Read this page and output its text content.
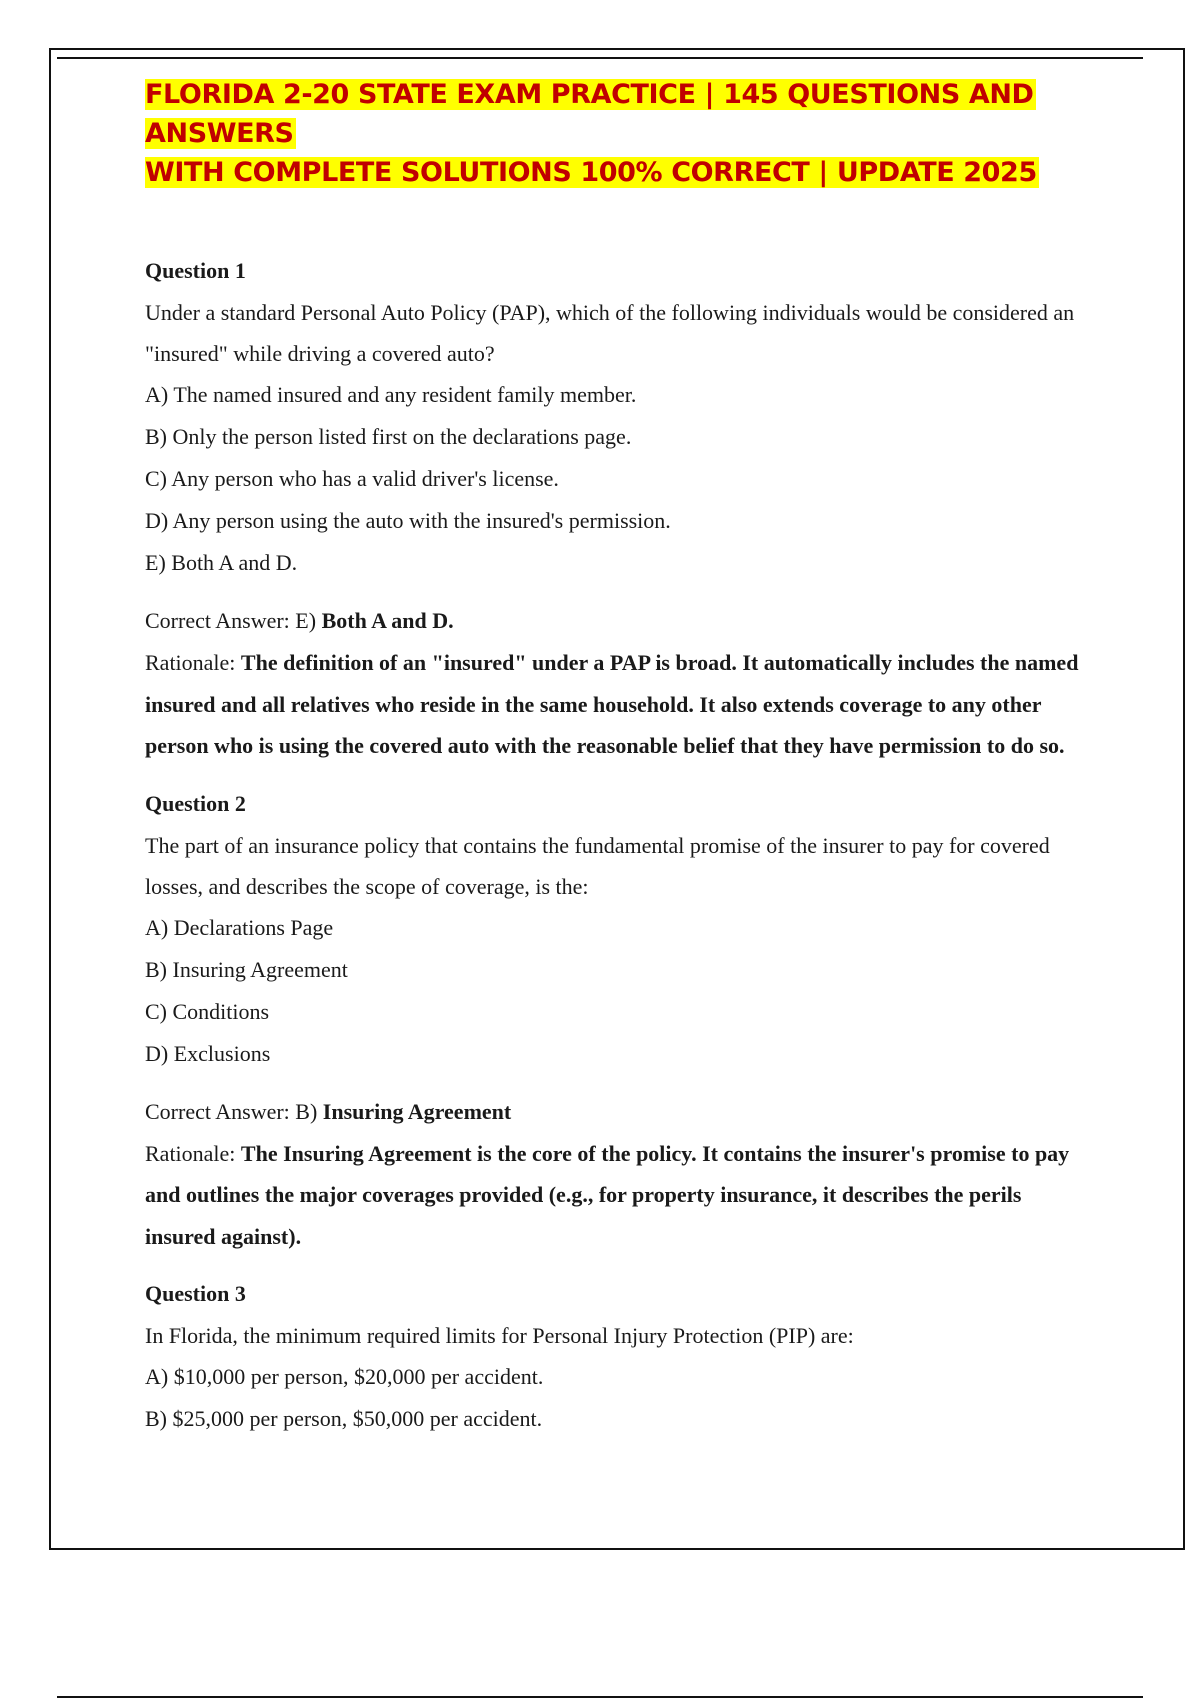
FLORIDA 2-20 STATE EXAM PRACTICE | 145 QUESTIONS AND ANSWERS
WITH COMPLETE SOLUTIONS 100% CORRECT | UPDATE 2025

Question 1

Under a standard Personal Auto Policy (PAP), which of the following individuals would be considered an "insured" while driving a covered auto?

A) The named insured and any resident family member.

B) Only the person listed first on the declarations page.

C) Any person who has a valid driver's license.

D) Any person using the auto with the insured's permission.

E) Both A and D.

Correct Answer: E) Both A and D.

Rationale: The definition of an "insured" under a PAP is broad. It automatically includes the named insured and all relatives who reside in the same household. It also extends coverage to any other person who is using the covered auto with the reasonable belief that they have permission to do so.

Question 2

The part of an insurance policy that contains the fundamental promise of the insurer to pay for covered losses, and describes the scope of coverage, is the:

A) Declarations Page

B) Insuring Agreement

C) Conditions

D) Exclusions

Correct Answer: B) Insuring Agreement

Rationale: The Insuring Agreement is the core of the policy. It contains the insurer's promise to pay and outlines the major coverages provided (e.g., for property insurance, it describes the perils insured against).

Question 3

In Florida, the minimum required limits for Personal Injury Protection (PIP) are:

A) $10,000 per person, $20,000 per accident.

B) $25,000 per person, $50,000 per accident.
